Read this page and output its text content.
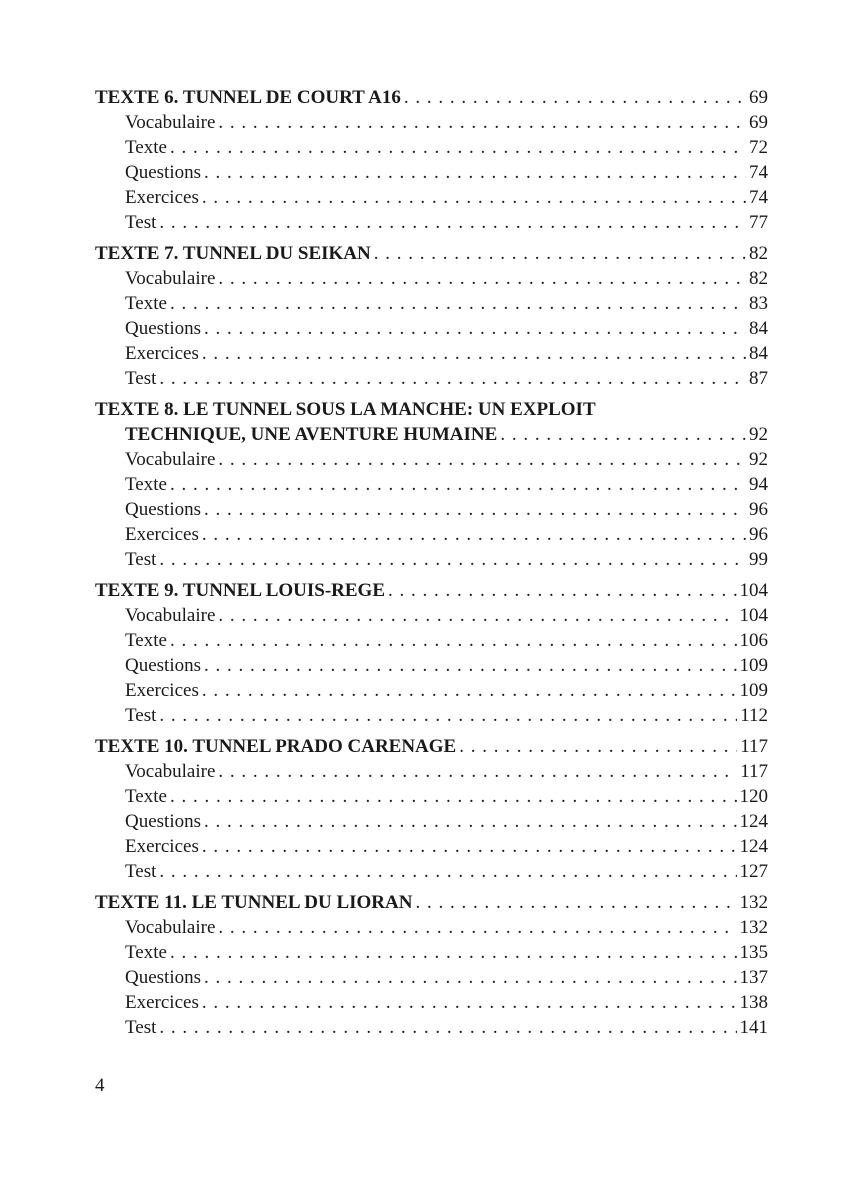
TEXTE 6. TUNNEL DE COURT A16 . . .	69
Vocabulaire . . .	69
Texte . . .	72
Questions . . .	74
Exercices . . .	74
Test . . .	77
TEXTE 7. TUNNEL DU SEIKAN . . .	82
Vocabulaire . . .	82
Texte . . .	83
Questions . . .	84
Exercices . . .	84
Test . . .	87
TEXTE 8. LE TUNNEL SOUS LA MANCHE: UN EXPLOIT
TECHNIQUE, UNE AVENTURE HUMAINE . . .	92
Vocabulaire . . .	92
Texte . . .	94
Questions . . .	96
Exercices . . .	96
Test . . .	99
TEXTE 9. TUNNEL LOUIS-REGE . . .	104
Vocabulaire . . .	104
Texte . . .	106
Questions . . .	109
Exercices . . .	109
Test . . .	112
TEXTE 10. TUNNEL PRADO CARENAGE . . .	117
Vocabulaire . . .	117
Texte . . .	120
Questions . . .	124
Exercices . . .	124
Test . . .	127
TEXTE 11. LE TUNNEL DU LIORAN . . .	132
Vocabulaire . . .	132
Texte . . .	135
Questions . . .	137
Exercices . . .	138
Test . . .	141
4
